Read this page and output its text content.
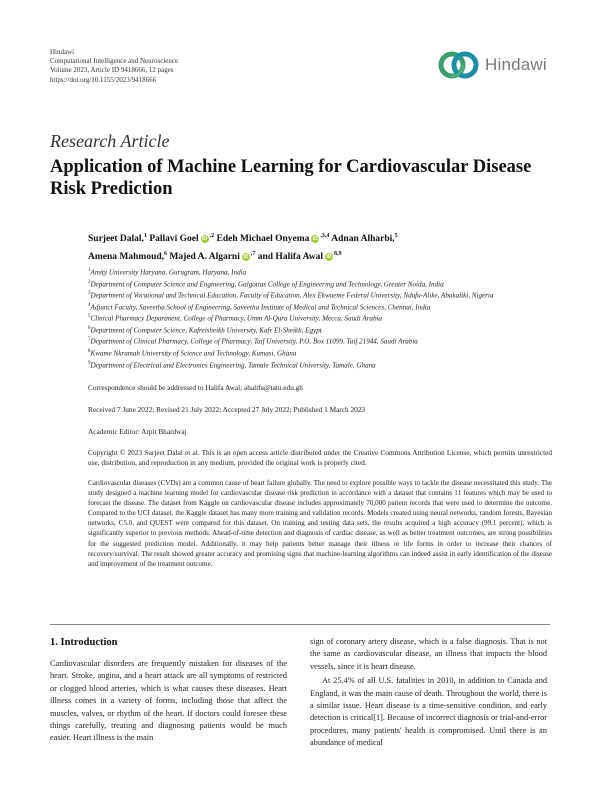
Hindawi
Computational Intelligence and Neuroscience
Volume 2023, Article ID 9418666, 12 pages
https://doi.org/10.1155/2023/9418666
Hindawi
Research Article
Application of Machine Learning for Cardiovascular Disease Risk Prediction
Surjeet Dalal,$^1$ Pallavi Goel $iD^{,2}$ Edeh Michael Onyema $iD^{,3,4}$ Adnan Alharbi,$^5$
Amena Mahmoud,$^6$ Majed A. Algarni $iD^{,7}$ and Halifa Awal iD$^{8,9}$
$^1$Amity University Haryana, Gurugram, Haryana, India
$^2$Department of Computer Science and Engineering, Galgotias College of Engineering and Technology, Greater Noida, India
$^3$Department of Vocational and Technical Education, Faculty of Education, Alex Ekwueme Federal University, Ndufu-Alike, Abakaliki, Nigeria
$^4$Adjunct Faculty, Saveetha School of Engineering, Saveetha Institute of Medical and Technical Sciences, Chennai, India
$^5$Clinical Pharmacy Department, College of Pharmacy, Umm Al-Qura University, Mecca, Saudi Arabia
$^6$Department of Computer Science, Kafrelsheikh University, Kafr El-Sheikh, Egypt
$^7$Department of Clinical Pharmacy, College of Pharmacy, Taif University, P.O. Box 11099, Taif 21944, Saudi Arabia
$^8$Kwame Nkrumah University of Science and Technology, Kumasi, Ghana
$^9$Department of Electrical and Electronics Engineering, Tamale Technical University, Tamale, Ghana
Correspondence should be addressed to Halifa Awal; ahalifa@tatu.edu.gh
Received 7 June 2022; Revised 21 July 2022; Accepted 27 July 2022; Published 1 March 2023
Academic Editor: Arpit Bhardwaj
Copyright © 2023 Surjeet Dalal et al. This is an open access article distributed under the Creative Commons Attribution License, which permits unrestricted use, distribution, and reproduction in any medium, provided the original work is properly cited.
Cardiovascular diseases (CVDs) are a common cause of heart failure globally. The need to explore possible ways to tackle the disease necessitated this study. The study designed a machine learning model for cardiovascular disease risk prediction in accordance with a dataset that contains 11 features which may be used to forecast the disease. The dataset from Kaggle on cardiovascular disease includes approximately 70,000 patient records that were used to determine the outcome. Compared to the UCI dataset, the Kaggle dataset has many more training and validation records. Models created using neural networks, random forests, Bayesian networks, C5.0, and QUEST were compared for this dataset. On training and testing data sets, the results acquired a high accuracy (99.1 percent), which is significantly superior to previous methods. Ahead-of-time detection and diagnosis of cardiac disease, as well as better treatment outcomes, are strong possibilities for the suggested prediction model. Additionally, it may help patients better manage their illness or life forms in order to increase their chances of recovery/survival. The result showed greater accuracy and promising signs that machine-learning algorithms can indeed assist in early identification of the disease and improvement of the treatment outcome.
1. Introduction

Cardiovascular disorders are frequently mistaken for diseases of the heart. Stroke, angina, and a heart attack are all symptoms of restricted or clogged blood arteries, which is what causes these diseases. Heart illness comes in a variety of forms, including those that affect the muscles, valves, or rhythm of the heart. If doctors could foresee these things carefully, treating and diagnosing patients would be much easier. Heart illness is the main

sign of coronary artery disease, which is a false diagnosis. That is not the same as cardiovascular disease, an illness that impacts the blood vessels, since it is heart disease.

At 25.4% of all U.S. fatalities in 2010, in addition to Canada and England, it was the main cause of death. Throughout the world, there is a similar issue. Heart disease is a time-sensitive condition, and early detection is critical[1]. Because of incorrect diagnosis or trial-and-error procedures, many patients' health is compromised. Until there is an abundance of medical
